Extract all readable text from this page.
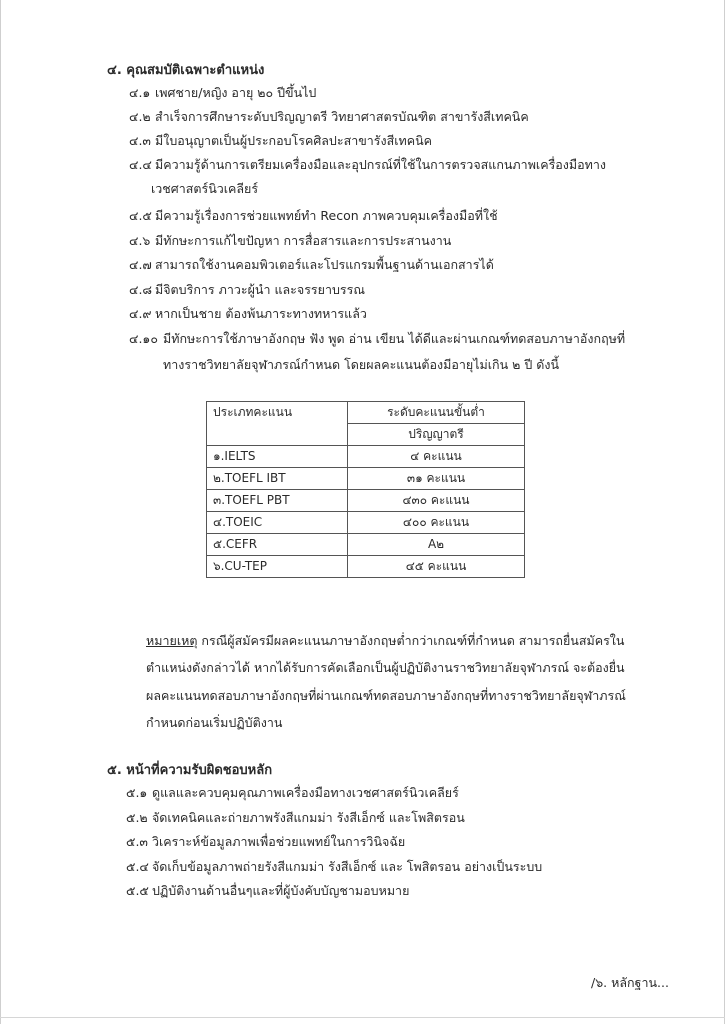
๔. คุณสมบัติเฉพาะตำแหน่ง
๔.๑ เพศชาย/หญิง อายุ ๒๐ ปีขึ้นไป
๔.๒ สำเร็จการศึกษาระดับปริญญาตรี วิทยาศาสตรบัณฑิต สาขารังสีเทคนิค
๔.๓ มีใบอนุญาตเป็นผู้ประกอบโรคศิลปะสาขารังสีเทคนิค
๔.๔ มีความรู้ด้านการเตรียมเครื่องมือและอุปกรณ์ที่ใช้ในการตรวจสแกนภาพเครื่องมือทาง
เวชศาสตร์นิวเคลียร์
๔.๕ มีความรู้เรื่องการช่วยแพทย์ทำ Recon ภาพควบคุมเครื่องมือที่ใช้
๔.๖ มีทักษะการแก้ไขปัญหา การสื่อสารและการประสานงาน
๔.๗ สามารถใช้งานคอมพิวเตอร์และโปรแกรมพื้นฐานด้านเอกสารได้
๔.๘ มีจิตบริการ ภาวะผู้นำ และจรรยาบรรณ
๔.๙ หากเป็นชาย ต้องพ้นภาระทางทหารแล้ว
๔.๑๐ มีทักษะการใช้ภาษาอังกฤษ ฟัง พูด อ่าน เขียน ได้ดีและผ่านเกณฑ์ทดสอบภาษาอังกฤษที่
ทางราชวิทยาลัยจุฬาภรณ์กำหนด โดยผลคะแนนต้องมีอายุไม่เกิน ๒ ปี ดังนี้
ประเภทคะแนน	ระดับคะแนนขั้นต่ำ
	ปริญญาตรี
๑.IELTS	๔ คะแนน
๒.TOEFL IBT	๓๑ คะแนน
๓.TOEFL PBT	๔๓๐ คะแนน
๔.TOEIC	๔๐๐ คะแนน
๕.CEFR	A๒
๖.CU-TEP	๔๕ คะแนน
หมายเหตุ กรณีผู้สมัครมีผลคะแนนภาษาอังกฤษต่ำกว่าเกณฑ์ที่กำหนด สามารถยื่นสมัครใน
ตำแหน่งดังกล่าวได้ หากได้รับการคัดเลือกเป็นผู้ปฏิบัติงานราชวิทยาลัยจุฬาภรณ์ จะต้องยื่น
ผลคะแนนทดสอบภาษาอังกฤษที่ผ่านเกณฑ์ทดสอบภาษาอังกฤษที่ทางราชวิทยาลัยจุฬาภรณ์
กำหนดก่อนเริ่มปฏิบัติงาน
๕. หน้าที่ความรับผิดชอบหลัก
๕.๑ ดูแลและควบคุมคุณภาพเครื่องมือทางเวชศาสตร์นิวเคลียร์
๕.๒ จัดเทคนิคและถ่ายภาพรังสีแกมม่า รังสีเอ็กซ์ และโพสิตรอน
๕.๓ วิเคราะห์ข้อมูลภาพเพื่อช่วยแพทย์ในการวินิจฉัย
๕.๔ จัดเก็บข้อมูลภาพถ่ายรังสีแกมม่า รังสีเอ็กซ์ และ โพสิตรอน อย่างเป็นระบบ
๕.๕ ปฏิบัติงานด้านอื่นๆและที่ผู้บังคับบัญชามอบหมาย
/๖. หลักฐาน...
